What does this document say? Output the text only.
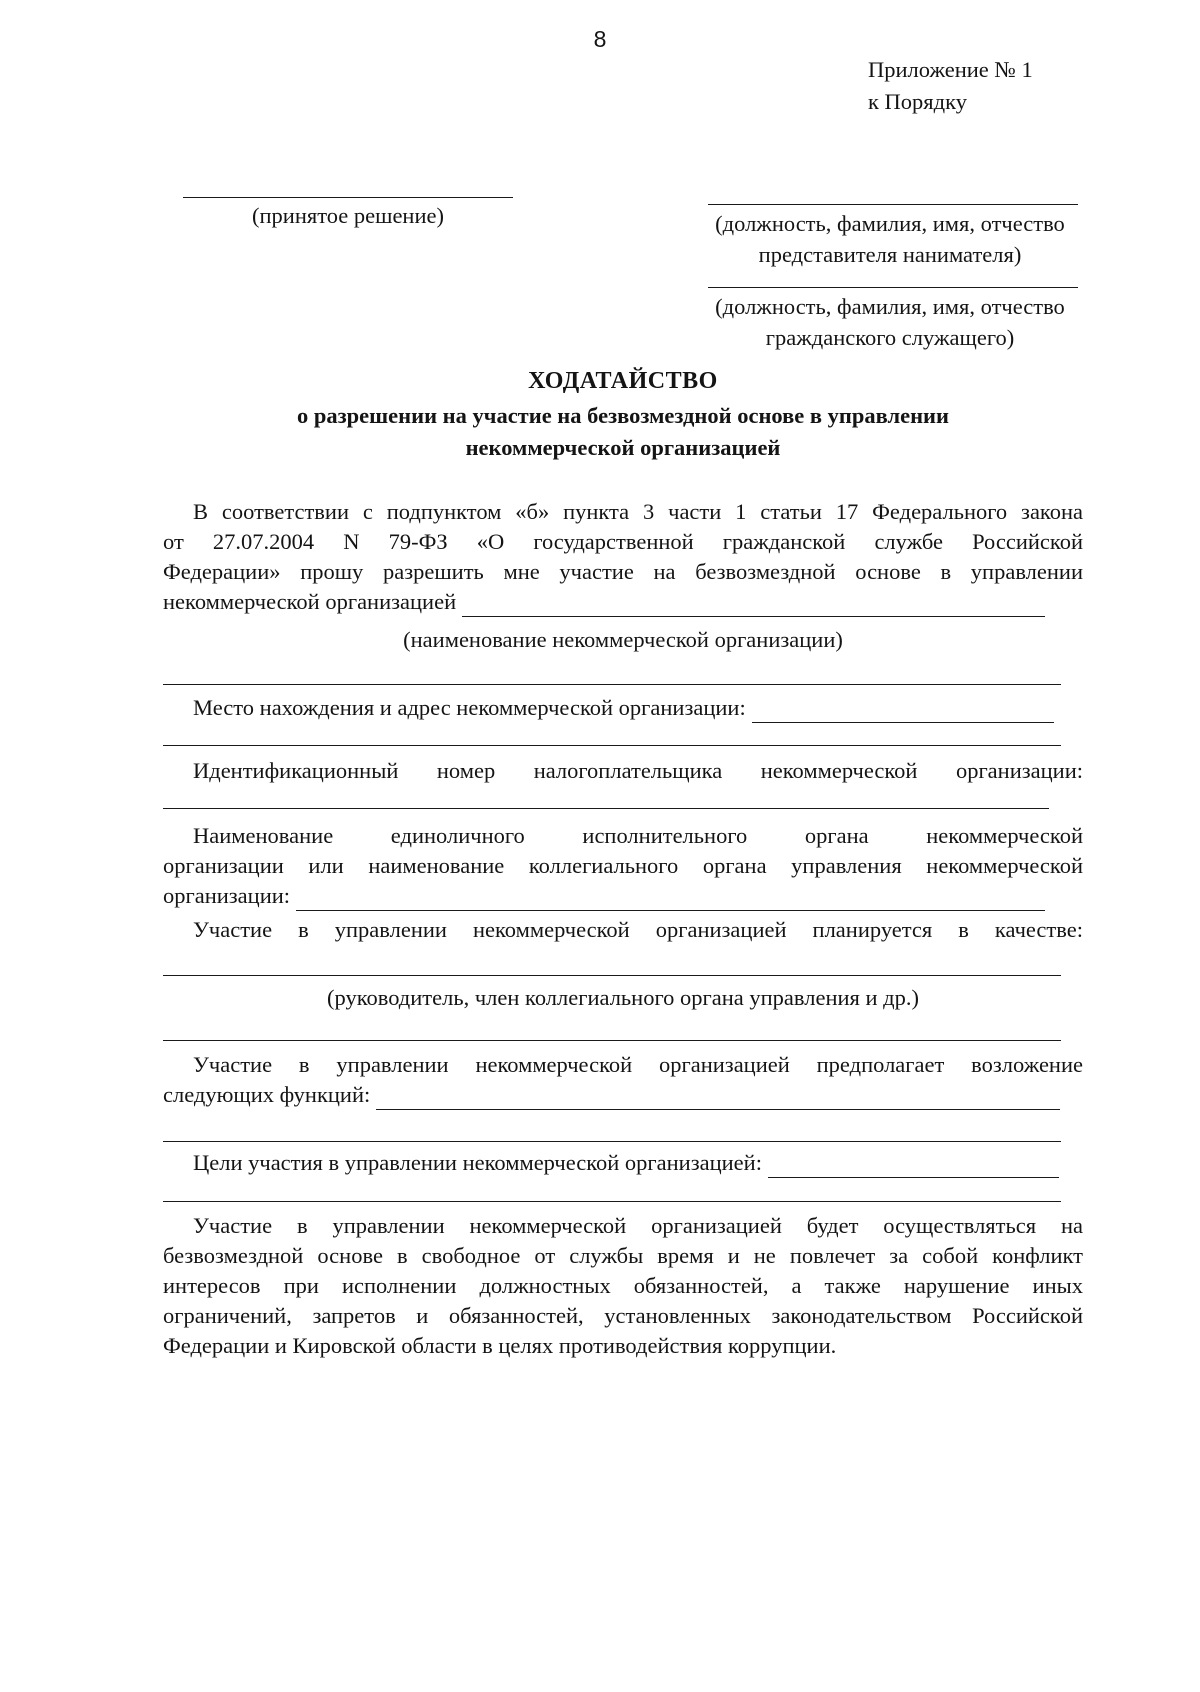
8
Приложение № 1
к Порядку
(принятое решение)	(должность, фамилия, имя, отчество
представителя нанимателя)
(должность, фамилия, имя, отчество
гражданского служащего)
ХОДАТАЙСТВО
о разрешении на участие на безвозмездной основе в управлении
некоммерческой организацией
В соответствии с подпунктом «б» пункта 3 части 1 статьи 17 Федерального закона
от 27.07.2004 N 79-ФЗ «О государственной гражданской службе Российской
Федерации» прошу разрешить мне участие на безвозмездной основе в управлении
некоммерческой организацией
(наименование некоммерческой организации)
Место нахождения и адрес некоммерческой организации:
Идентификационный номер налогоплательщика некоммерческой организации:
Наименование единоличного исполнительного органа некоммерческой
организации или наименование коллегиального органа управления некоммерческой
организации:
Участие в управлении некоммерческой организацией планируется в качестве:
(руководитель, член коллегиального органа управления и др.)
Участие в управлении некоммерческой организацией предполагает возложение
следующих функций:
Цели участия в управлении некоммерческой организацией:
Участие в управлении некоммерческой организацией будет осуществляться на
безвозмездной основе в свободное от службы время и не повлечет за собой конфликт
интересов при исполнении должностных обязанностей, а также нарушение иных
ограничений, запретов и обязанностей, установленных законодательством Российской
Федерации и Кировской области в целях противодействия коррупции.
